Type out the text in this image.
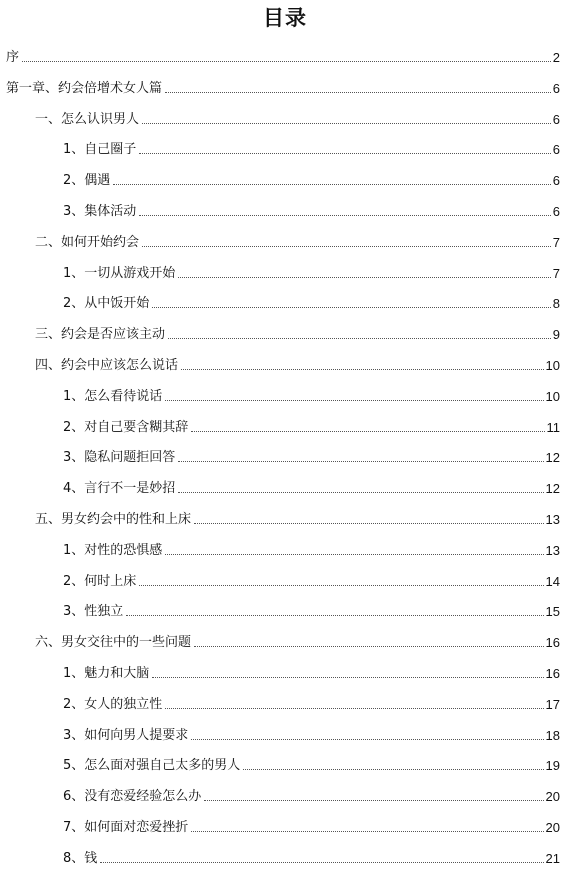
目录
序	2
第一章、约会倍增术女人篇	6
一、怎么认识男人	6
1、自己圈子	6
2、偶遇	6
3、集体活动	6
二、如何开始约会	7
1、一切从游戏开始	7
2、从中饭开始	8
三、约会是否应该主动	9
四、约会中应该怎么说话	10
1、怎么看待说话	10
2、对自己要含糊其辞	11
3、隐私问题拒回答	12
4、言行不一是妙招	12
五、男女约会中的性和上床	13
1、对性的恐惧感	13
2、何时上床	14
3、性独立	15
六、男女交往中的一些问题	16
1、魅力和大脑	16
2、女人的独立性	17
3、如何向男人提要求	18
5、怎么面对强自己太多的男人	19
6、没有恋爱经验怎么办	20
7、如何面对恋爱挫折	20
8、钱	21
